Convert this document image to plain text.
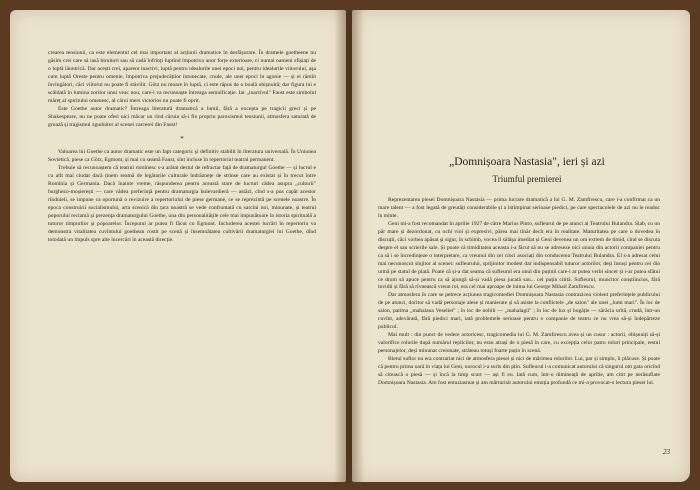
crearea tensiunii, ca este elementul cel mai important al acțiunii dramatice în desfășurare. În dramele goetheene nu găsim crei care să iasă biruitori sau să cadă înfrînți luptînd împotriva unor forțe exterioare, ci numai oameni sfîșiați de o luptă lăuntrică. Dar acești crei, aparent inactivi, luptă pentru idealurile unei epoci noi, pentru idealurile viitorului, aşa cum luptă Oreste pentru omenie, împotriva prejudecăților întunecate, crude, ale unei epoci în agonie — și ei rămîn învingători, căci viitorul nu poate fi stăvilit. Götz nu moare în luptă, ci este răpus de o boală obișnuită; dar figura lui e scăldată în lumina zorilor unui veac nou, care-i va recunoaște întreaga semnificație. Iar „inactivul" Faust este simbolul măreț al spiritului omenesc, al cărui mers victorios nu poate fi oprit.

Este Goethe autor dramatic? Întreaga literatură dramatică a lumii, fără a excepta pe tragicii greci și pe Shakespeare, nu ne poate oferi nici măcar un rînd căruia să-i fie propriu paroxismul tensiunii, atmosfera saturată de groază și tragismul zguduitor al scenei carcerei din Faust!

*

Valoarea lui Goethe ca autor dramatic este un fapt categoric și definitiv stabilit în literatura universală. În Uniunea Sovietică, piese ca Götz, Egmont, și mai cu seamă Faust, sînt incluse în repertoriul teatral permanent.

Trebuie să recunoaștem că teatrul romînesc s-a arătat destul de refractar față de dramaturgul Goethe — și lucrul e cu atît mai ciudat dacă ținem seamă de legăturile culturale îndrăznețe de strînse care au existat și în trecut între Romînia și Germania. Dacă înainte vreme, răspunderea pentru această stare de lucruri cădea asupra „culturii" burghezo-moșierești — care vădea preferință pentru dramaturgia bulevardieră — astăzi, cînd s-a pus capăt acestor rînduieli, se impune ca oportună o revizuire a repertoriului de piese germane, ce se reprezintă pe scenele noastre. În epoca construirii socialismului, arta scenică din țara noastră se vede confruntată cu sarcini noi, minunate, și teatrul poporului reclamă și prezența dramaturgului Goethe, una din personalitățile cele mai impunătoare în istoria spirituală a tuturor timpurilor și popoarelor. Începutul ar putea fi făcut cu Egmont. Includerea acestei lucrări în repertoriu va demonstra vitalitatea cuvîntului goethean rostit pe scenă și însemnătatea cultivării dramaturgiei lui Goethe, dînd totodată un impuls spre alte încercări în această direcție.

„Domnișoara Nastasia", ieri și azi
Triumful premierei

Reprezentarea piesei Domnișoara Nastasia — prima lucrare dramatică a lui G. M. Zamfirescu, care i-a confirmat ca un mare talent — a fost legată de greutăți considerabile și a întîmpinat serioase piedici, pe care spectacolele de azi nu le readuc în minte.

Geni mi-a fost recomandat în aprilie 1927 de către Marius Pinto, sufleurul de pe atunci al Teatrului Bulandra. Slab, cu un păr mare și dezordonat, cu ochi vioi și expresivi, părea mai tînăr decît era în realitate. Maturitatea pe care o dovedea în discuții, căci vorbea apăsat și sigur, în schimb, vocea îi sălășa imediat și Geni devenea un om extrem de timid, cînd se discuta despre el sau scrierile sale. Și poate că timiditatea aceasta i-a făcut să nu se adreseze nici unuia din actorii companiei pentru ca să i se încredințeze o interpretare, ca vreunul din cei cinci asociați din conducerea Teatrului Bulandra. El s-a adresat celui mai necunoscut slujitor al scenei: sufleurului, sprijinitor modest dar indispensabil tuturor actorilor, deși însuși pentru cei din urmă pe statul de plată. Poate că și-a dat seama că sufleurul era unul din puținii care-i ar putea verbi sincer și i-ar putea sfătui ce drum să apuce pentru ca să ajungă să-și vadă piesa jucată sau... cel puțin citită. Sufleurul, muncitor conștiincios, fără invidii și fără să rîvnească vreun rol, era cel mai aproape de inima lui George Mihail Zamfirescu.

Dar atmosfera în care se petrece acțiunea tragicomediei Domnișoara Nastasia contrazicea violent preferințele publicului de pe atunci, doritor să vadă personaje alese și manierate și să asiste la conflictele „de salon" ale unei „lumi mari". În loc de salon, patima „mahalaua Veseliei" ; în loc de nobili — „mahalagii" ; în loc de lux și bogăție — sărăcia urîtă, crudă, într-un cuvînt, adevărată, fără piedici mari, iată problemele serioase pentru o companie de teatru ce nu vrea să-și îndepărteze publicul.

Mai mult : din punct de vedere actoricesc, tragicomedia lui G. M. Zamfirescu avea și un cusur : actorii, obișnuiți să-și valorifice rolurile după numărul replicilor, nu erau atrași de o piesă în care, cu excepția celor patru roluri principale, restul personajelor, deși minunat creionate, străteau totuși foarte puțin în scenă.

Bietul suflor nu era contrariat nici de atmosfera piesei și nici de mărimea rolurilor. Lui, par și simplu, îi plăcuse. Și poate că pentru prima oară în viața lui Geni, norocul i-a surîs din plin. Sufleurul i-a comunicat autorului că singurul om gata oricînd să citească o piesă — și încă la timp scurt — ași fi eu. Iată cum, într-o dimineață de aprilie, am citit pe nerăsuflate Domnișoara Nastasia. Am fost entuziasmat și am mărturisit autorului emoția profundă ce mi-a provocat-o lectura piesei lui.

23
